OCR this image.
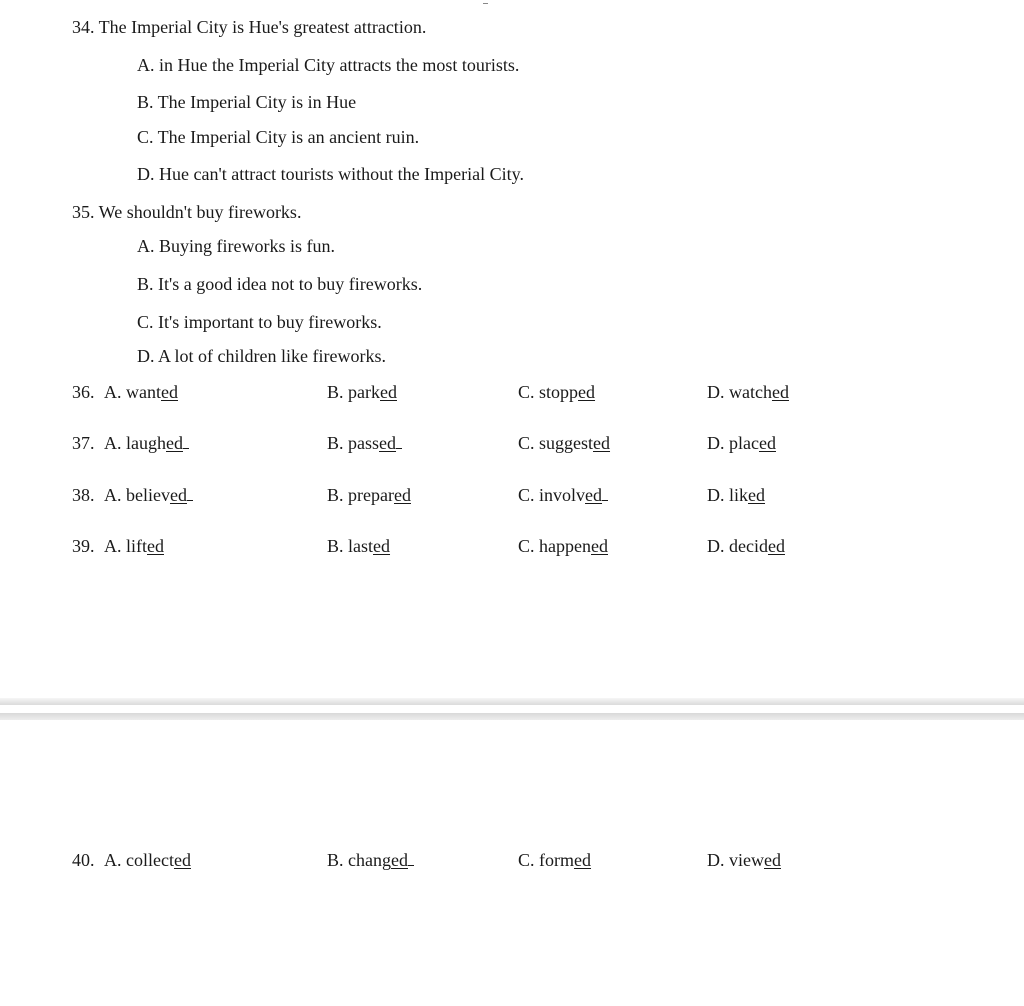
34. The Imperial City is Hue's greatest attraction.
A. in Hue the Imperial City attracts the most tourists.
B. The Imperial City is in Hue
C. The Imperial City is an ancient ruin.
D. Hue can't attract tourists without the Imperial City.
35. We shouldn't buy fireworks.
A. Buying fireworks is fun.
B. It's a good idea not to buy fireworks.
C. It's important to buy fireworks.
D. A lot of children like fireworks.
36. A. wanted	B. parked	C. stopped	D. watched
37. A. laughed	B. passed	C. suggested	D. placed
38. A. believed	B. prepared	C. involved	D. liked
39. A. lifted	B. lasted	C. happened	D. decided
40. A. collected	B. changed	C. formed	D. viewed
